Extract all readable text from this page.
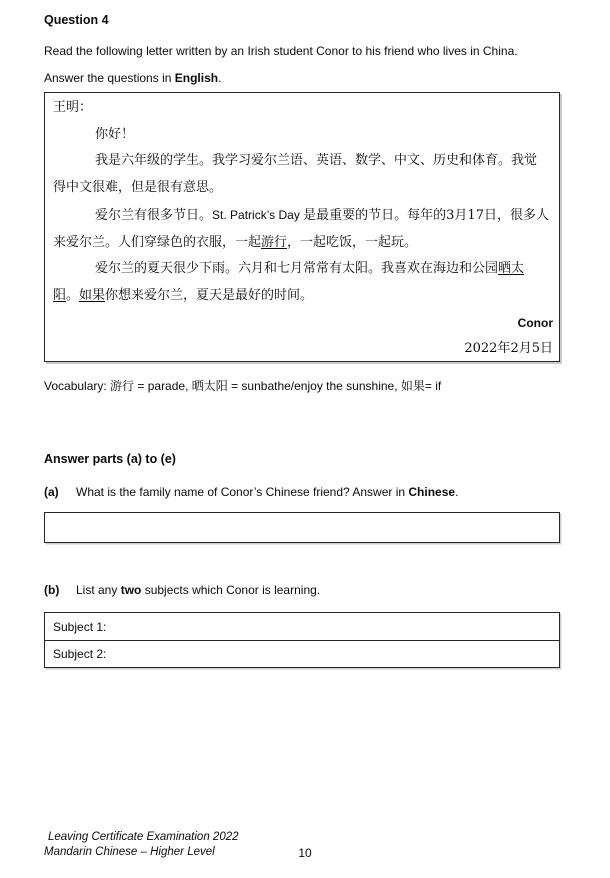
Question 4
Read the following letter written by an Irish student Conor to his friend who lives in China.
Answer the questions in English.
王明：
你好！
我是六年级的学生。我学习爱尔兰语、英语、数学、中文、历史和体育。我觉
得中文很难，但是很有意思。
爱尔兰有很多节日。St. Patrick’s Day 是最重要的节日。每年的3月17日，很多人
来爱尔兰。人们穿绿色的衣服，一起游行，一起吃饭，一起玩。
爱尔兰的夏天很少下雨。六月和七月常常有太阳。我喜欢在海边和公园晒太
阳。如果你想来爱尔兰，夏天是最好的时间。
Conor
2022年2月5日
Vocabulary: 游行 = parade, 晒太阳 = sunbathe/enjoy the sunshine, 如果= if
Answer parts (a) to (e)
(a) What is the family name of Conor’s Chinese friend? Answer in Chinese.
(b) List any two subjects which Conor is learning.
Subject 1:
Subject 2:
Leaving Certificate Examination 2022
Mandarin Chinese – Higher Level	10
